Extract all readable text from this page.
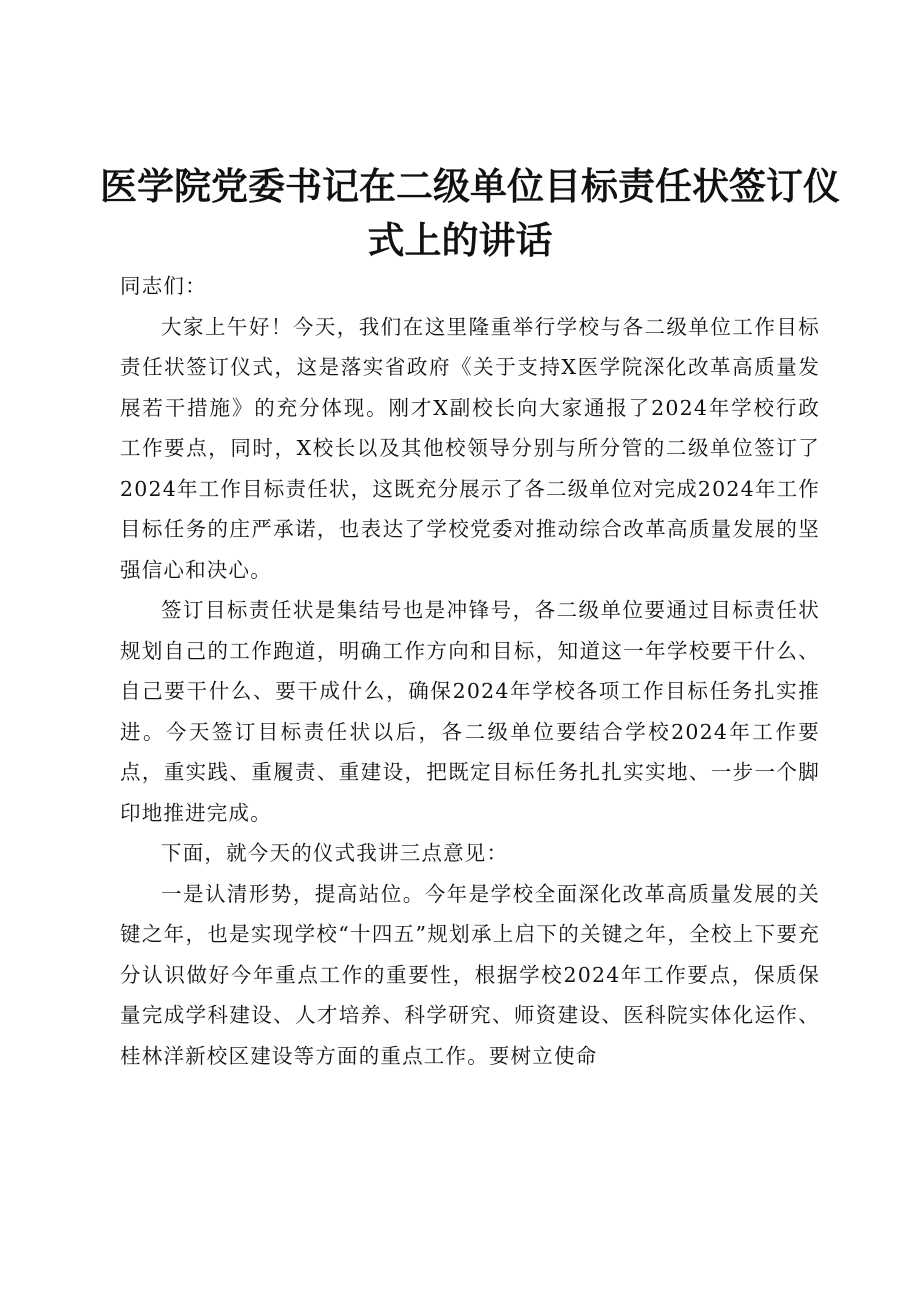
医学院党委书记在二级单位目标责任状签订仪
式上的讲话

同志们：

大家上午好！今天，我们在这里隆重举行学校与各二级单位工作目标责任状签订仪式，这是落实省政府《关于支持X医学院深化改革高质量发展若干措施》的充分体现。刚才X副校长向大家通报了2024年学校行政工作要点，同时，X校长以及其他校领导分别与所分管的二级单位签订了2024年工作目标责任状，这既充分展示了各二级单位对完成2024年工作目标任务的庄严承诺，也表达了学校党委对推动综合改革高质量发展的坚强信心和决心。

签订目标责任状是集结号也是冲锋号，各二级单位要通过目标责任状规划自己的工作跑道，明确工作方向和目标，知道这一年学校要干什么、自己要干什么、要干成什么，确保2024年学校各项工作目标任务扎实推进。今天签订目标责任状以后，各二级单位要结合学校2024年工作要点，重实践、重履责、重建设，把既定目标任务扎扎实实地、一步一个脚印地推进完成。

下面，就今天的仪式我讲三点意见：

一是认清形势，提高站位。今年是学校全面深化改革高质量发展的关键之年，也是实现学校“十四五”规划承上启下的关键之年，全校上下要充分认识做好今年重点工作的重要性，根据学校2024年工作要点，保质保量完成学科建设、人才培养、科学研究、师资建设、医科院实体化运作、桂林洋新校区建设等方面的重点工作。要树立使命
